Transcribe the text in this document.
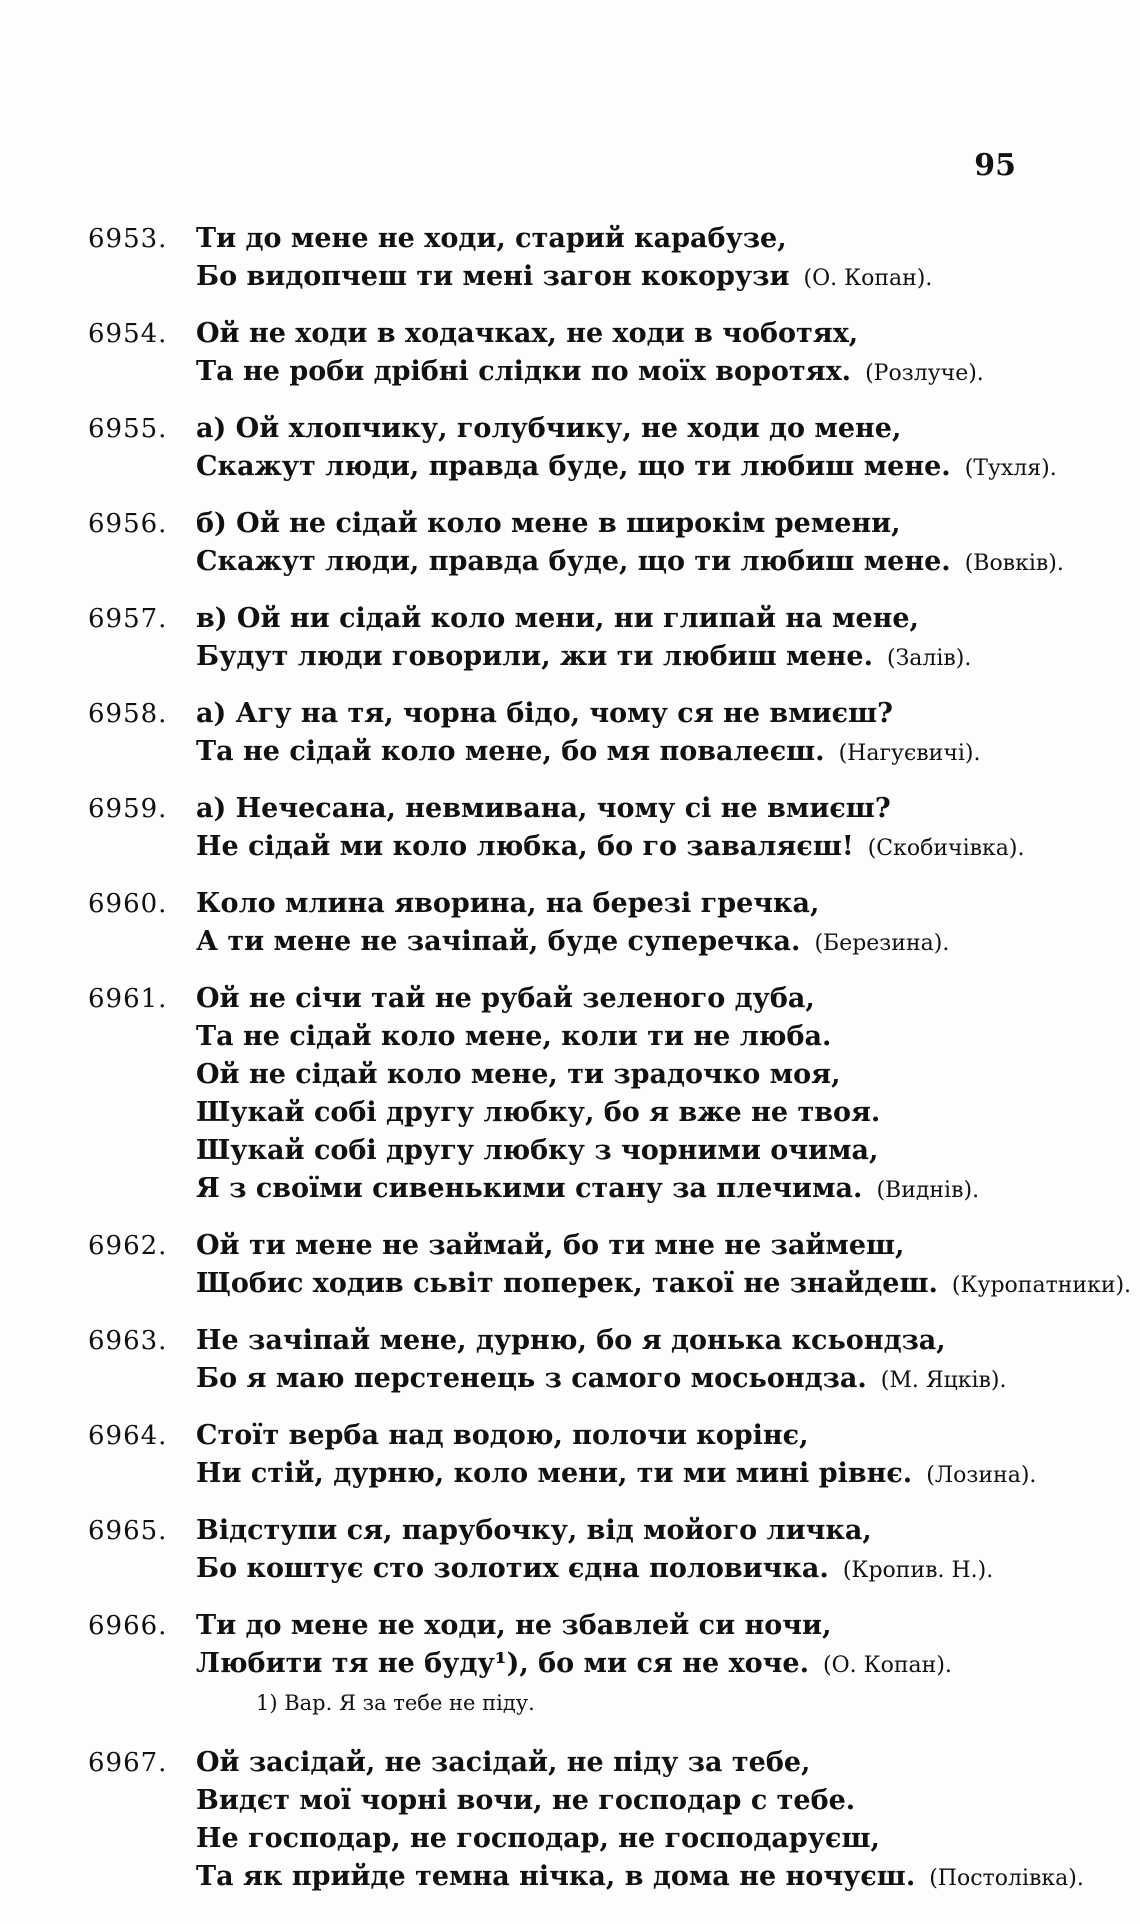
95
6953.	Ти до мене не ходи, старий карабузе,
Бо видопчеш ти мені загон кокорузи (О. Копан).
6954.	Ой не ходи в ходачках, не ходи в чоботях,
Та не роби дрібні слідки по моїх воротях. (Розлуче).
6955.	а) Ой хлопчику, голубчику, не ходи до мене,
Скажут люди, правда буде, що ти любиш мене. (Тухля).
6956.	б) Ой не сідай коло мене в широкім ремени,
Скажут люди, правда буде, що ти любиш мене. (Вовків).
6957.	в) Ой ни сідай коло мени, ни глипай на мене,
Будут люди говорили, жи ти любиш мене. (Залів).
6958.	а) Агу на тя, чорна бідо, чому ся не вмиєш?
Та не сідай коло мене, бо мя повалеєш. (Нагуєвичі).
6959.	а) Нечесана, невмивана, чому сі не вмиєш?
Не сідай ми коло любка, бо го заваляєш! (Скобичівка).
6960.	Коло млина яворина, на березі гречка,
А ти мене не зачіпай, буде суперечка. (Березина).
6961.	Ой не січи тай не рубай зеленого дуба,
Та не сідай коло мене, коли ти не люба.
Ой не сідай коло мене, ти зрадочко моя,
Шукай собі другу любку, бо я вже не твоя.
Шукай собі другу любку з чорними очима,
Я з своїми сивенькими стану за плечима. (Виднів).
6962.	Ой ти мене не займай, бо ти мне не займеш,
Щобис ходив сьвіт поперек, такої не знайдеш. (Куропатники).
6963.	Не зачіпай мене, дурню, бо я донька ксьондза,
Бо я маю перстенець з самого мосьондза. (М. Яцків).
6964.	Стоїт верба над водою, полочи корінє,
Ни стій, дурню, коло мени, ти ми мині рівнє. (Лозина).
6965.	Відступи ся, парубочку, від мойого личка,
Бо коштує сто золотих єдна половичка. (Кропив. Н.).
6966.	Ти до мене не ходи, не збавлей си ночи,
Любити тя не буду¹), бо ми ся не хоче. (О. Копан).
1) Вар. Я за тебе не піду.
6967.	Ой засідай, не засідай, не піду за тебе,
Видєт мої чорні вочи, не господар с тебе.
Не господар, не господар, не господаруєш,
Та як прийде темна нічка, в дома не ночуєш. (Постолівка).
